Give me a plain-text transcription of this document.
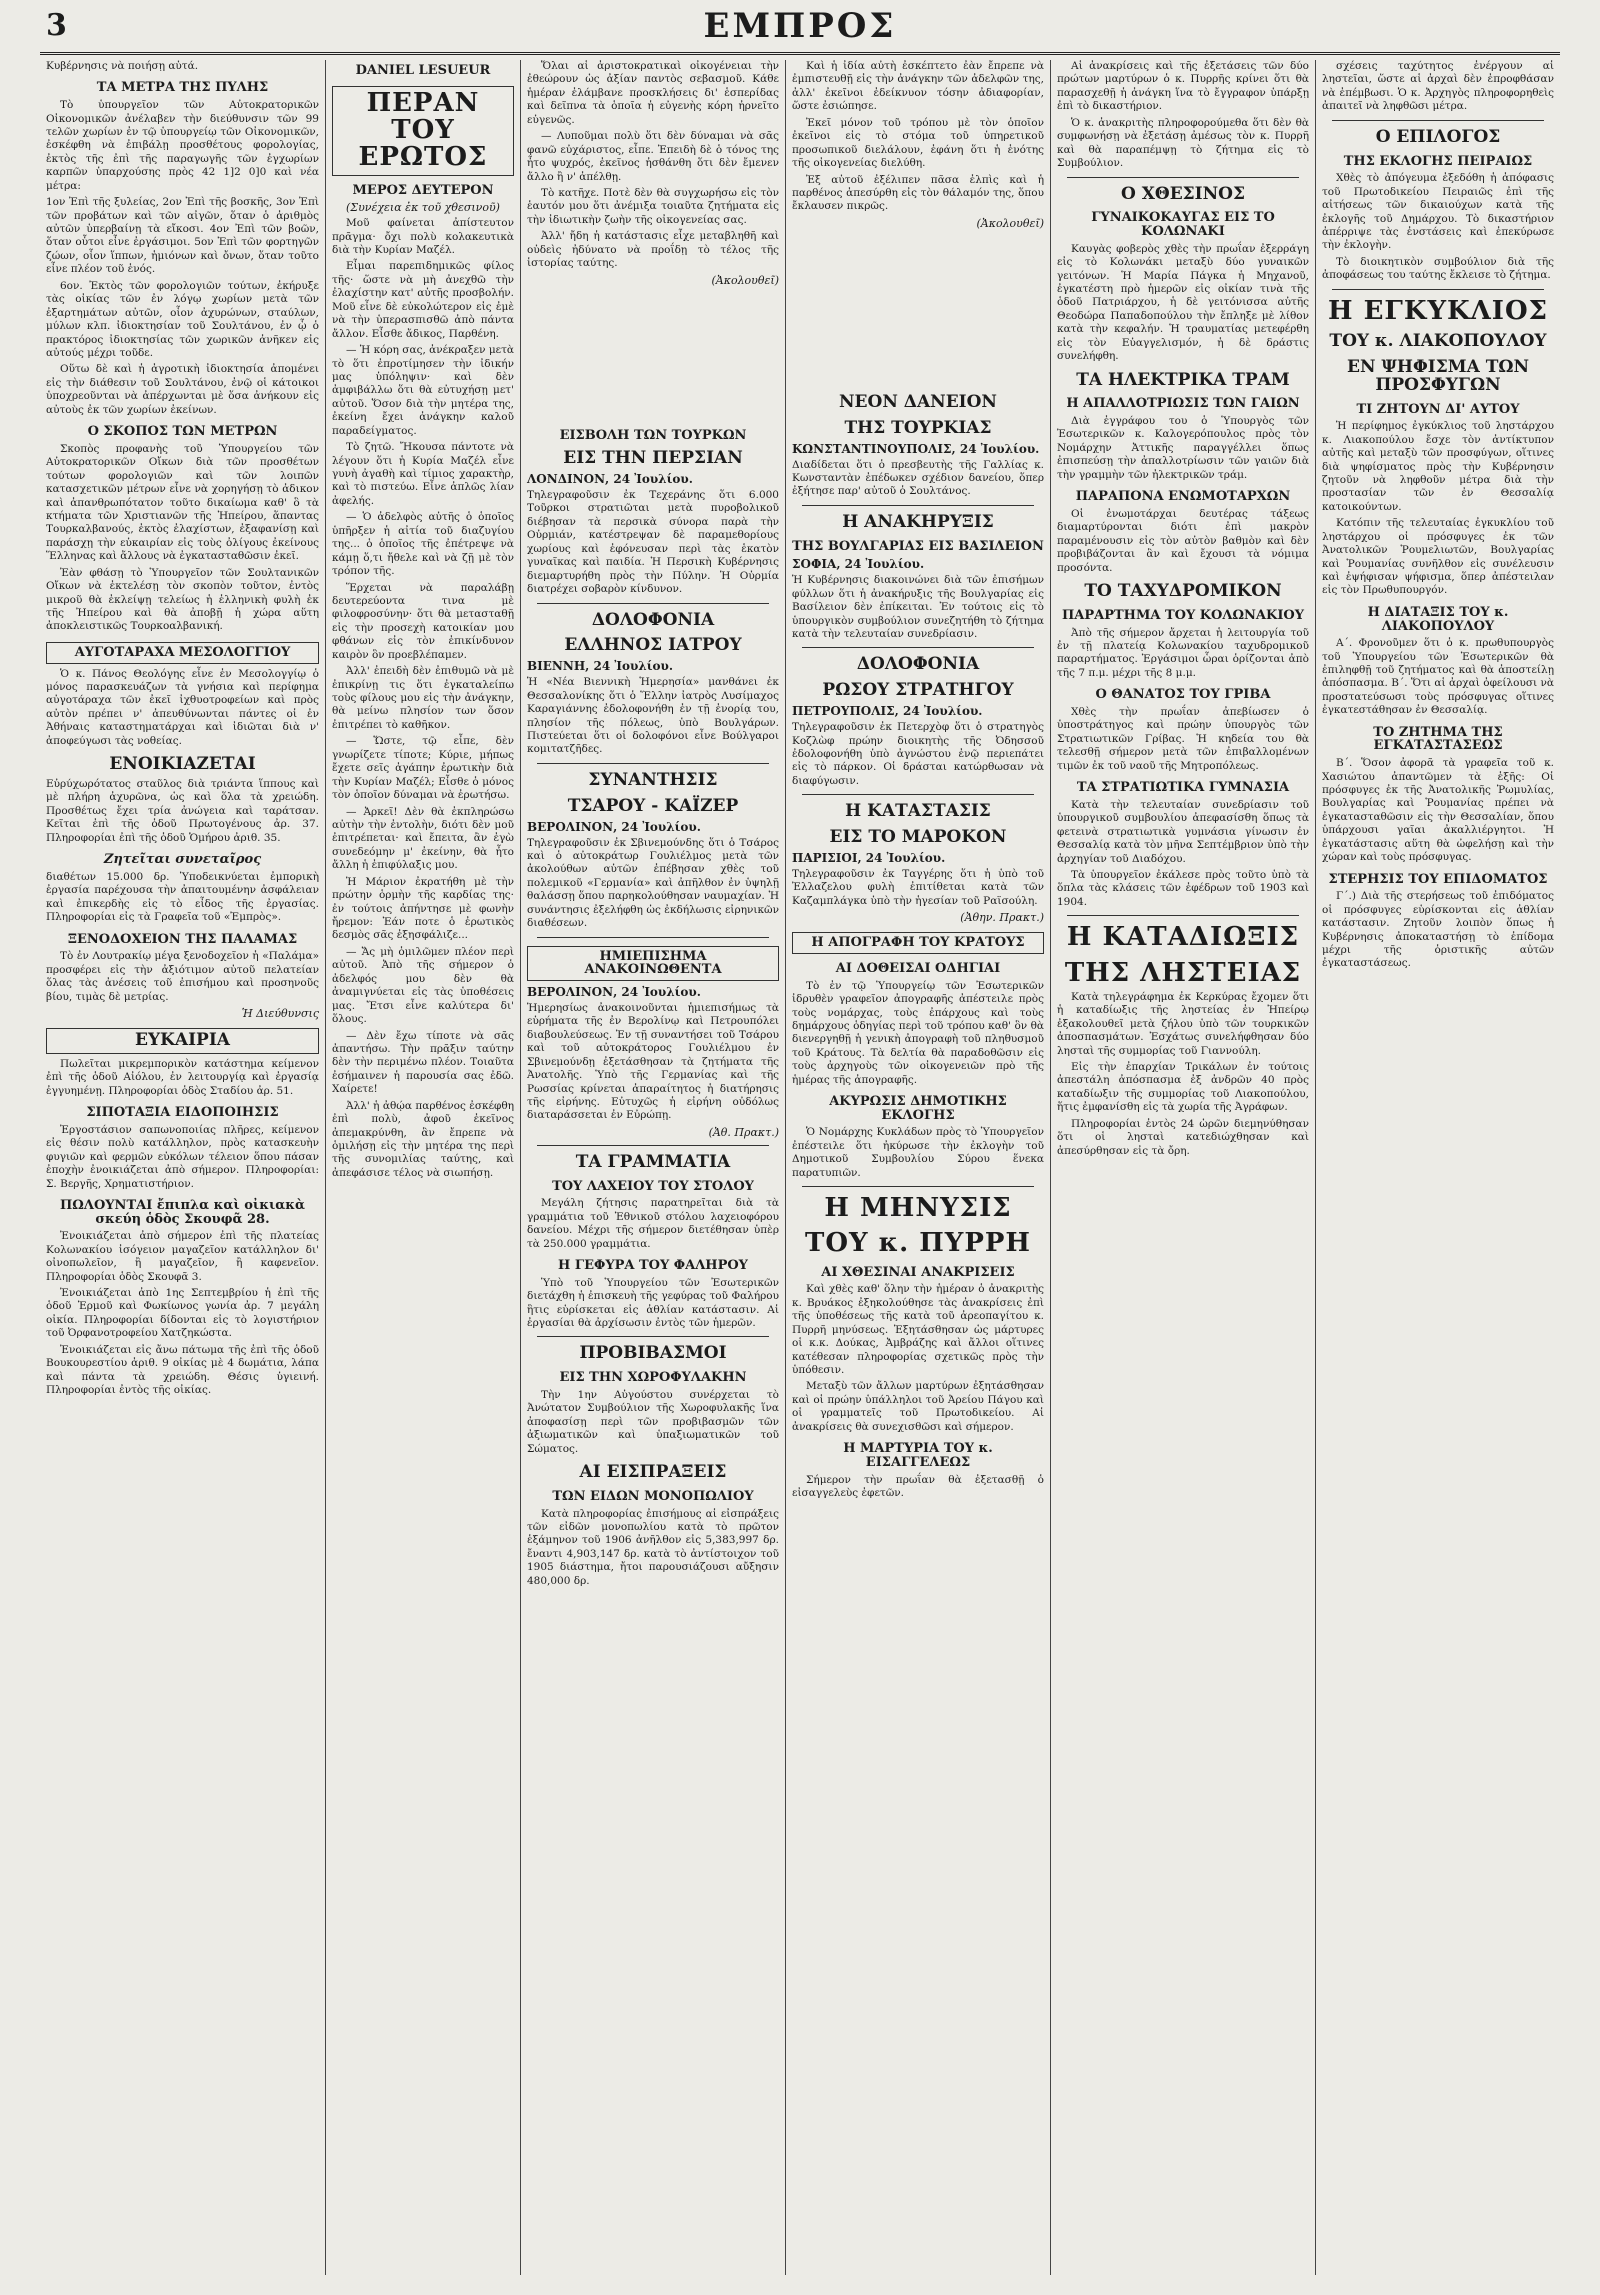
3	ΕΜΠΡΟΣ
Κυβέρνησις νὰ ποιήσῃ αὐτά.
ΤΑ ΜΕΤΡΑ ΤΗΣ ΠΥΛΗΣ
Τὸ ὑπουργεῖον τῶν Αὐτοκρατορικῶν Οἰκονομικῶν ἀνέλαβεν τὴν διεύθυνσιν τῶν 99 τελῶν χωρίων ἐν τῷ ὑπουργείῳ τῶν Οἰκονομικῶν, ἐσκέφθη νὰ ἐπιβάλῃ προσθέτους φορολογίας, ἐκτὸς τῆς ἐπὶ τῆς παραγωγῆς τῶν ἐγχωρίων καρπῶν ὑπαρχούσης πρὸς 42 1]2 0]0 καὶ νέα μέτρα:
1ον Ἐπὶ τῆς ξυλείας, 2ον Ἐπὶ τῆς βοσκῆς, 3ον Ἐπὶ τῶν προβάτων καὶ τῶν αἰγῶν, ὅταν ὁ ἀριθμὸς αὐτῶν ὑπερβαίνῃ τὰ εἴκοσι. 4ον Ἐπὶ τῶν βοῶν, ὅταν οὗτοι εἶνε ἐργάσιμοι. 5ον Ἐπὶ τῶν φορτηγῶν ζώων, οἷον ἵππων, ἡμιόνων καὶ ὄνων, ὅταν τοῦτο εἶνε πλέον τοῦ ἑνός.
6ον. Ἐκτὸς τῶν φορολογιῶν τούτων, ἐκήρυξε τὰς οἰκίας τῶν ἐν λόγῳ χωρίων μετὰ τῶν ἐξαρτημάτων αὐτῶν, οἷον ἀχυρώνων, σταύλων, μύλων κλπ. ἰδιοκτησίαν τοῦ Σουλτάνου, ἐν ᾧ ὁ πρακτόρος ἰδιοκτησίας τῶν χωρικῶν ἀνῆκεν εἰς αὐτούς μέχρι τοῦδε.
Οὕτω δὲ καὶ ἡ ἀγροτικὴ ἰδιοκτησία ἀπομένει εἰς τὴν διάθεσιν τοῦ Σουλτάνου, ἐνῷ οἱ κάτοικοι ὑποχρεοῦνται νὰ ἀπέρχωνται μὲ ὅσα ἀνήκουν εἰς αὐτοὺς ἐκ τῶν χωρίων ἐκείνων.
Ο ΣΚΟΠΟΣ ΤΩΝ ΜΕΤΡΩΝ
Σκοπὸς προφανὴς τοῦ Ὑπουργείου τῶν Αὐτοκρατορικῶν Οἴκων διὰ τῶν προσθέτων τούτων φορολογιῶν καὶ τῶν λοιπῶν κατασχετικῶν μέτρων εἶνε νὰ χορηγήσῃ τὸ ἀδικον καὶ ἀπανθρωπότατον τοῦτο δικαίωμα καθ' ὃ τὰ κτήματα τῶν Χριστιανῶν τῆς Ἠπείρου, ἅπαντας Τουρκαλβανούς, ἐκτὸς ἐλαχίστων, ἐξαφανίσῃ καὶ παράσχῃ τὴν εὐκαιρίαν εἰς τοὺς ὀλίγους ἐκείνους Ἕλληνας καὶ ἄλλους νὰ ἐγκατασταθῶσιν ἐκεῖ.
Ἐὰν φθάσῃ τὸ Ὑπουργεῖον τῶν Σουλτανικῶν Οἴκων νὰ ἐκτελέσῃ τὸν σκοπὸν τοῦτον, ἐντὸς μικροῦ θὰ ἐκλείψῃ τελείως ἡ ἑλληνικὴ φυλὴ ἐκ τῆς Ἠπείρου καὶ θὰ ἀποβῇ ἡ χώρα αὕτη ἀποκλειστικῶς Τουρκοαλβανική.
ΑΥΓΟΤΑΡΑΧΑ ΜΕΣΟΛΟΓΓΙΟΥ
Ὁ κ. Πάνος Θεολόγης εἶνε ἐν Μεσολογγίῳ ὁ μόνος παρασκευάζων τὰ γνήσια καὶ περίφημα αὐγοτάραχα τῶν ἐκεῖ ἰχθυοτροφείων καὶ πρὸς αὐτὸν πρέπει ν' ἀπευθύνωνται πάντες οἱ ἐν Ἀθήναις καταστηματάρχαι καὶ ἰδιῶται διὰ ν' ἀποφεύγωσι τὰς νοθείας.
ΕΝΟΙΚΙΑΖΕΤΑΙ
Εὐρύχωρότατος σταῦλος διὰ τριάντα ἵππους καὶ μὲ πλήρη ἀχυρῶνα, ὡς καὶ ὅλα τὰ χρειώδη. Προσθέτως ἔχει τρία ἀνώγεια καὶ ταράτσαν. Κεῖται ἐπὶ τῆς ὁδοῦ Πρωτογένους ἀρ. 37. Πληροφορίαι ἐπὶ τῆς ὁδοῦ Ὁμήρου ἀριθ. 35.
Ζητεῖται συνεταῖρος
διαθέτων 15.000 δρ. Ὑποδεικνύεται ἐμπορικὴ ἐργασία παρέχουσα τὴν ἀπαιτουμένην ἀσφάλειαν καὶ ἐπικερδὴς εἰς τὸ εἶδος τῆς ἐργασίας. Πληροφορίαι εἰς τὰ Γραφεῖα τοῦ «Ἐμπρὸς».
ΞΕΝΟΔΟΧΕΙΟΝ ΤΗΣ ΠΑΛΑΜΑΣ
Τὸ ἐν Λουτρακίῳ μέγα ξενοδοχεῖον ἡ «Παλάμα» προσφέρει εἰς τὴν ἀξιότιμον αὐτοῦ πελατείαν ὅλας τὰς ἀνέσεις τοῦ ἐπισήμου καὶ προσηνοῦς βίου, τιμὰς δὲ μετρίας.
Ἡ Διεύθυνσις
ΕΥΚΑΙΡΙΑ
Πωλεῖται μικρεμπορικὸν κατάστημα κείμενον ἐπὶ τῆς ὁδοῦ Αἰόλου, ἐν λειτουργίᾳ καὶ ἐργασίᾳ ἐγγυημένῃ. Πληροφορίαι ὁδὸς Σταδίου ἀρ. 51.
ΣΙΠΟΤΑΞΙΑ ΕΙΔΟΠΟΙΗΣΙΣ
Ἐργοστάσιον σαπωνοποιίας πλῆρες, κείμενον εἰς θέσιν πολὺ κατάλληλον, πρὸς κατασκευὴν φυγιῶν καὶ φερμῶν εὐκόλων τέλειον ὅπου πάσαν ἐποχὴν ἐνοικιάζεται ἀπὸ σήμερον. Πληροφορίαι: Σ. Βεργῆς, Χρηματιστήριον.
ΠΩΛΟΥΝΤΑΙ ἔπιπλα καὶ οἰκιακὰ σκεύη ὁδὸς Σκουφᾶ 28.
Ἐνοικιάζεται ἀπὸ σήμερον ἐπὶ τῆς πλατείας Κολωνακίου ἰσόγειον μαγαζεῖον κατάλληλον δι' οἰνοπωλεῖον, ἢ μαγαζεῖον, ἢ καφενεῖον. Πληροφορίαι ὁδὸς Σκουφᾶ 3.
Ἐνοικιάζεται ἀπὸ 1ης Σεπτεμβρίου ἡ ἐπὶ τῆς ὁδοῦ Ἑρμοῦ καὶ Φωκίωνος γωνία ἀρ. 7 μεγάλη οἰκία. Πληροφορίαι δίδονται εἰς τὸ λογιστήριον τοῦ Ὀρφανοτροφείου Χατζηκώστα.
Ἐνοικιάζεται εἰς ἄνω πάτωμα τῆς ἐπὶ τῆς ὁδοῦ Βουκουρεστίου ἀριθ. 9 οἰκίας μὲ 4 δωμάτια, λάπα καὶ πάντα τὰ χρειώδη. Θέσις ὑγιεινή. Πληροφορίαι ἐντὸς τῆς οἰκίας.
DANIEL LESUEUR
ΠΕΡΑΝ ΤΟΥ ΕΡΩΤΟΣ
ΜΕΡΟΣ ΔΕΥΤΕΡΟΝ
(Συνέχεια ἐκ τοῦ χθεσινοῦ)
Μοῦ φαίνεται ἀπίστευτον πρᾶγμα· ὄχι πολὺ κολακευτικὰ διὰ τὴν Κυρίαν Μαζέλ.
Εἶμαι παρεπιδημικῶς φίλος τῆς· ὥστε νὰ μὴ ἀνεχθῶ τὴν ἐλαχίστην κατ' αὐτῆς προσβολήν. Μοῦ εἶνε δὲ εὐκολώτερον εἰς ἐμὲ νὰ τὴν ὑπερασπισθῶ ἀπὸ πάντα ἄλλον. Εἶσθε ἄδικος, Παρθένη.
— Ἡ κόρη σας, ἀνέκραξεν μετὰ τὸ ὅτι ἐπροτίμησεν τὴν ἰδικήν μας ὑπόληψιν· καὶ δὲν ἀμφιβάλλω ὅτι θὰ εὐτυχήσῃ μετ' αὐτοῦ. Ὅσον διὰ τὴν μητέρα της, ἐκείνη ἔχει ἀνάγκην καλοῦ παραδείγματος.
Τὸ ζητῶ. Ἤκουσα πάντοτε νὰ λέγουν ὅτι ἡ Κυρία Μαζέλ εἶνε γυνὴ ἀγαθὴ καὶ τίμιος χαρακτὴρ, καὶ τὸ πιστεύω. Εἶνε ἀπλῶς λίαν ἀφελής.
— Ὁ ἀδελφὸς αὐτῆς ὁ ὁποῖος ὑπῆρξεν ἡ αἰτία τοῦ διαζυγίου της... ὁ ὁποῖος τῆς ἐπέτρεψε νὰ κάμῃ ὅ,τι ἤθελε καὶ νὰ ζῇ μὲ τὸν τρόπον τῆς.
Ἕρχεται νὰ παραλάβῃ δευτερεύοντα τινα μὲ φιλοφροσύνην· ὅτι θὰ μετασταθῇ εἰς τὴν προσεχὴ κατοικίαν μου φθάνων εἰς τὸν ἐπικίνδυνον καιρὸν ὃν προεβλέπαμεν.
Ἀλλ' ἐπειδὴ δὲν ἐπιθυμῶ νὰ μὲ ἐπικρίνῃ τις ὅτι ἐγκαταλείπω τοὺς φίλους μου εἰς τὴν ἀνάγκην, θὰ μείνω πλησίον των ὅσον ἐπιτρέπει τὸ καθῆκον.
— Ὥστε, τῷ εἶπε, δὲν γνωρίζετε τίποτε; Κύριε, μήπως ἔχετε σεῖς ἀγάπην ἐρωτικὴν διὰ τὴν Κυρίαν Μαζέλ; Εἶσθε ὁ μόνος τὸν ὁποῖον δύναμαι νὰ ἐρωτήσω.
— Ἀρκεῖ! Δὲν θὰ ἐκπληρώσω αὐτὴν τὴν ἐντολὴν, διότι δὲν μοῦ ἐπιτρέπεται· καὶ ἔπειτα, ἂν ἐγὼ συνεδεόμην μ' ἐκείνην, θὰ ἦτο ἄλλη ἡ ἐπιφύλαξις μου.
Ἡ Μάριον ἐκρατήθη μὲ τὴν πρώτην ὁρμὴν τῆς καρδίας της· ἐν τούτοις ἀπήντησε μὲ φωνὴν ἤρεμον: Ἐάν ποτε ὁ ἐρωτικὸς δεσμὸς σᾶς ἐξησφάλιζε...
— Ἄς μὴ ὁμιλῶμεν πλέον περὶ αὐτοῦ. Ἀπὸ τῆς σήμερον ὁ ἀδελφός μου δὲν θὰ ἀναμιγνύεται εἰς τὰς ὑποθέσεις μας. Ἔτσι εἶνε καλύτερα δι' ὅλους.
— Δὲν ἔχω τίποτε νὰ σᾶς ἀπαντήσω. Τὴν πρᾶξιν ταύτην δὲν τὴν περιμένω πλέον. Τοιαῦτα ἐσήμαινεν ἡ παρουσία σας ἐδῶ. Χαίρετε!
Ἀλλ' ἡ ἀθῴα παρθένος ἐσκέφθη ἐπὶ πολὺ, ἀφοῦ ἐκεῖνος ἀπεμακρύνθη, ἂν ἔπρεπε νὰ ὁμιλήσῃ εἰς τὴν μητέρα της περὶ τῆς συνομιλίας ταύτης, καὶ ἀπεφάσισε τέλος νὰ σιωπήσῃ.
Ὅλαι αἱ ἀριστοκρατικαὶ οἰκογένειαι τὴν ἐθεώρουν ὡς ἀξίαν παντὸς σεβασμοῦ. Κάθε ἡμέραν ἐλάμβανε προσκλήσεις δι' ἑσπερίδας καὶ δεῖπνα τὰ ὁποῖα ἡ εὐγενὴς κόρη ἠρνεῖτο εὐγενῶς.
— Λυποῦμαι πολὺ ὅτι δὲν δύναμαι νὰ σᾶς φανῶ εὐχάριστος, εἶπε. Ἐπειδὴ δὲ ὁ τόνος της ἦτο ψυχρός, ἐκεῖνος ἠσθάνθη ὅτι δὲν ἔμενεν ἄλλο ἢ ν' ἀπέλθῃ.
Τὸ κατῆχε. Ποτὲ δὲν θὰ συγχωρήσω εἰς τὸν ἑαυτόν μου ὅτι ἀνέμιξα τοιαῦτα ζητήματα εἰς τὴν ἰδιωτικὴν ζωὴν τῆς οἰκογενείας σας.
Ἀλλ' ἤδη ἡ κατάστασις εἶχε μεταβληθῆ καὶ οὐδεὶς ἠδύνατο νὰ προΐδῃ τὸ τέλος τῆς ἱστορίας ταύτης.
(Ἀκολουθεῖ)
ΕΙΣΒΟΛΗ ΤΩΝ ΤΟΥΡΚΩΝ
ΕΙΣ ΤΗΝ ΠΕΡΣΙΑΝ
ΛΟΝΔΙΝΟΝ, 24 Ἰουλίου.
Τηλεγραφοῦσιν ἐκ Τεχεράνης ὅτι 6.000 Τοῦρκοι στρατιῶται μετὰ πυροβολικοῦ διέβησαν τὰ περσικὰ σύνορα παρὰ τὴν Οὐρμιάν, κατέστρεψαν δὲ παραμεθορίους χωρίους καὶ ἐφόνευσαν περὶ τὰς ἑκατὸν γυναῖκας καὶ παιδία. Ἡ Περσικὴ Κυβέρνησις διεμαρτυρήθη πρὸς τὴν Πύλην. Ἡ Οὐρμία διατρέχει σοβαρὸν κίνδυνον.
ΔΟΛΟΦΟΝΙΑ
ΕΛΛΗΝΟΣ ΙΑΤΡΟΥ
ΒΙΕΝΝΗ, 24 Ἰουλίου.
Ἡ «Νέα Βιεννικὴ Ἡμερησία» μανθάνει ἐκ Θεσσαλονίκης ὅτι ὁ Ἕλλην ἰατρὸς Λυσίμαχος Καραγιάννης ἐδολοφονήθη ἐν τῇ ἐνορίᾳ του, πλησίον τῆς πόλεως, ὑπὸ Βουλγάρων. Πιστεύεται ὅτι οἱ δολοφόνοι εἶνε Βούλγαροι κομιτατζῆδες.
ΣΥΝΑΝΤΗΣΙΣ
ΤΣΑΡΟΥ - ΚΑΪΖΕΡ
ΒΕΡΟΛΙΝΟΝ, 24 Ἰουλίου.
Τηλεγραφοῦσιν ἐκ Σβινεμούνδης ὅτι ὁ Τσάρος καὶ ὁ αὐτοκράτωρ Γουλιέλμος μετὰ τῶν ἀκολούθων αὐτῶν ἐπέβησαν χθὲς τοῦ πολεμικοῦ «Γερμανία» καὶ ἀπῆλθον ἐν ὑψηλῇ θαλάσσῃ ὅπου παρηκολούθησαν ναυμαχίαν. Ἡ συνάντησις ἐξελήφθη ὡς ἐκδήλωσις εἰρηνικῶν διαθέσεων.
ΗΜΙΕΠΙΣΗΜΑ ΑΝΑΚΟΙΝΩΘΕΝΤΑ
ΒΕΡΟΛΙΝΟΝ, 24 Ἰουλίου.
Ἡμερησίως ἀνακοινοῦνται ἡμιεπισήμως τὰ εὑρήματα τῆς ἐν Βερολίνῳ καὶ Πετρουπόλει διαβουλεύσεως. Ἐν τῇ συναντήσει τοῦ Τσάρου καὶ τοῦ αὐτοκράτορος Γουλιέλμου ἐν Σβινεμούνδῃ ἐξετάσθησαν τὰ ζητήματα τῆς Ἀνατολῆς. Ὑπὸ τῆς Γερμανίας καὶ τῆς Ρωσσίας κρίνεται ἀπαραίτητος ἡ διατήρησις τῆς εἰρήνης. Εὐτυχῶς ἡ εἰρήνη οὐδόλως διαταράσσεται ἐν Εὐρώπῃ.
(Ἀθ. Πρακτ.)
ΤΑ ΓΡΑΜΜΑΤΙΑ
ΤΟΥ ΛΑΧΕΙΟΥ ΤΟΥ ΣΤΟΛΟΥ
Μεγάλη ζήτησις παρατηρεῖται διὰ τὰ γραμμάτια τοῦ Ἐθνικοῦ στόλου λαχειοφόρου δανείου. Μέχρι τῆς σήμερον διετέθησαν ὑπὲρ τὰ 250.000 γραμμάτια.
Η ΓΕΦΥΡΑ ΤΟΥ ΦΑΛΗΡΟΥ
Ὑπὸ τοῦ Ὑπουργείου τῶν Ἐσωτερικῶν διετάχθη ἡ ἐπισκευὴ τῆς γεφύρας τοῦ Φαλήρου ἣτις εὑρίσκεται εἰς ἀθλίαν κατάστασιν. Αἱ ἐργασίαι θὰ ἀρχίσωσιν ἐντὸς τῶν ἡμερῶν.
ΠΡΟΒΙΒΑΣΜΟΙ
ΕΙΣ ΤΗΝ ΧΩΡΟΦΥΛΑΚΗΝ
Τὴν 1ην Αὐγούστου συνέρχεται τὸ Ἀνώτατον Συμβούλιον τῆς Χωροφυλακῆς ἵνα ἀποφασίσῃ περὶ τῶν προβιβασμῶν τῶν ἀξιωματικῶν καὶ ὑπαξιωματικῶν τοῦ Σώματος.
ΑΙ ΕΙΣΠΡΑΞΕΙΣ
ΤΩΝ ΕΙΔΩΝ ΜΟΝΟΠΩΛΙΟΥ
Κατὰ πληροφορίας ἐπισήμους αἱ εἰσπράξεις τῶν εἰδῶν μονοπωλίου κατὰ τὸ πρῶτον ἑξάμηνον τοῦ 1906 ἀνῆλθον εἰς 5,383,997 δρ. ἔναντι 4,903,147 δρ. κατὰ τὸ ἀντίστοιχον τοῦ 1905 διάστημα, ἤτοι παρουσιάζουσι αὔξησιν 480,000 δρ.
Καὶ ἡ ἰδία αὐτὴ ἐσκέπτετο ἐὰν ἔπρεπε νὰ ἐμπιστευθῇ εἰς τὴν ἀνάγκην τῶν ἀδελφῶν της, ἀλλ' ἐκεῖνοι ἐδείκνυον τόσην ἀδιαφορίαν, ὥστε ἐσιώπησε.
Ἐκεῖ μόνον τοῦ τρόπου μὲ τὸν ὁποῖον ἐκεῖνοι εἰς τὸ στόμα τοῦ ὑπηρετικοῦ προσωπικοῦ διελάλουν, ἐφάνη ὅτι ἡ ἑνότης τῆς οἰκογενείας διελύθη.
Ἐξ αὐτοῦ ἐξέλιπεν πᾶσα ἐλπὶς καὶ ἡ παρθένος ἀπεσύρθη εἰς τὸν θάλαμόν της, ὅπου ἔκλαυσεν πικρῶς.
(Ἀκολουθεῖ)
ΝΕΟΝ ΔΑΝΕΙΟΝ
ΤΗΣ ΤΟΥΡΚΙΑΣ
ΚΩΝΣΤΑΝΤΙΝΟΥΠΟΛΙΣ, 24 Ἰουλίου.
Διαδίδεται ὅτι ὁ πρεσβευτὴς τῆς Γαλλίας κ. Κωνσταντὰν ἐπέδωκεν σχέδιον δανείου, ὅπερ ἐξήτησε παρ' αὐτοῦ ὁ Σουλτάνος.
Η ΑΝΑΚΗΡΥΞΙΣ
ΤΗΣ ΒΟΥΛΓΑΡΙΑΣ ΕΙΣ ΒΑΣΙΛΕΙΟΝ
ΣΟΦΙΑ, 24 Ἰουλίου.
Ἡ Κυβέρνησις διακοινώνει διὰ τῶν ἐπισήμων φύλλων ὅτι ἡ ἀνακήρυξις τῆς Βουλγαρίας εἰς Βασίλειον δὲν ἐπίκειται. Ἐν τούτοις εἰς τὸ ὑπουργικὸν συμβούλιον συνεζητήθη τὸ ζήτημα κατὰ τὴν τελευταίαν συνεδρίασιν.
ΔΟΛΟΦΟΝΙΑ
ΡΩΣΟΥ ΣΤΡΑΤΗΓΟΥ
ΠΕΤΡΟΥΠΟΛΙΣ, 24 Ἰουλίου.
Τηλεγραφοῦσιν ἐκ Πετερχὸφ ὅτι ὁ στρατηγὸς Κοζλὼφ πρώην διοικητὴς τῆς Ὀδησσοῦ ἐδολοφονήθη ὑπὸ ἀγνώστου ἐνῷ περιεπάτει εἰς τὸ πάρκον. Οἱ δράσται κατώρθωσαν νὰ διαφύγωσιν.
Η ΚΑΤΑΣΤΑΣΙΣ
ΕΙΣ ΤΟ ΜΑΡΟΚΟΝ
ΠΑΡΙΣΙΟΙ, 24 Ἰουλίου.
Τηλεγραφοῦσιν ἐκ Ταγγέρης ὅτι ἡ ὑπὸ τοῦ Ἐλλαζελου φυλὴ ἐπιτίθεται κατὰ τῶν Καζαμπλάγκα ὑπὸ τὴν ἡγεσίαν τοῦ Ραϊσούλη.
(Ἀθην. Πρακτ.)
Η ΑΠΟΓΡΑΦΗ ΤΟΥ ΚΡΑΤΟΥΣ
ΑΙ ΔΟΘΕΙΣΑΙ ΟΔΗΓΙΑΙ
Τὸ ἐν τῷ Ὑπουργείῳ τῶν Ἐσωτερικῶν ἰδρυθὲν γραφεῖον ἀπογραφῆς ἀπέστειλε πρὸς τοὺς νομάρχας, τοὺς ἐπάρχους καὶ τοὺς δημάρχους ὁδηγίας περὶ τοῦ τρόπου καθ' ὃν θὰ διενεργηθῇ ἡ γενικὴ ἀπογραφὴ τοῦ πληθυσμοῦ τοῦ Κράτους. Τὰ δελτία θὰ παραδοθῶσιν εἰς τοὺς ἀρχηγοὺς τῶν οἰκογενειῶν πρὸ τῆς ἡμέρας τῆς ἀπογραφῆς.
ΑΚΥΡΩΣΙΣ ΔΗΜΟΤΙΚΗΣ ΕΚΛΟΓΗΣ
Ὁ Νομάρχης Κυκλάδων πρὸς τὸ Ὑπουργεῖον ἐπέστειλε ὅτι ἠκύρωσε τὴν ἐκλογὴν τοῦ Δημοτικοῦ Συμβουλίου Σύρου ἕνεκα παρατυπιῶν.
Η ΜΗΝΥΣΙΣ
ΤΟΥ κ. ΠΥΡΡΗ
ΑΙ ΧΘΕΣΙΝΑΙ ΑΝΑΚΡΙΣΕΙΣ
Καὶ χθὲς καθ' ὅλην τὴν ἡμέραν ὁ ἀνακριτὴς κ. Βρυάκος ἐξηκολούθησε τὰς ἀνακρίσεις ἐπὶ τῆς ὑποθέσεως τῆς κατὰ τοῦ ἀρεοπαγίτου κ. Πυρρῆ μηνύσεως. Ἐξητάσθησαν ὡς μάρτυρες οἱ κ.κ. Δούκας, Ἀμβράζης καὶ ἄλλοι οἵτινες κατέθεσαν πληροφορίας σχετικῶς πρὸς τὴν ὑπόθεσιν.
Μεταξὺ τῶν ἄλλων μαρτύρων ἐξητάσθησαν καὶ οἱ πρώην ὑπάλληλοι τοῦ Ἀρείου Πάγου καὶ οἱ γραμματεῖς τοῦ Πρωτοδικείου. Αἱ ἀνακρίσεις θὰ συνεχισθῶσι καὶ σήμερον.
Η ΜΑΡΤΥΡΙΑ ΤΟΥ κ. ΕΙΣΑΓΓΕΛΕΩΣ
Σήμερον τὴν πρωΐαν θὰ ἐξετασθῇ ὁ εἰσαγγελεὺς ἐφετῶν.
Αἱ ἀνακρίσεις καὶ τῆς ἐξετάσεις τῶν δύο πρώτων μαρτύρων ὁ κ. Πυρρῆς κρίνει ὅτι θὰ παρασχεθῇ ἡ ἀνάγκη ἵνα τὸ ἔγγραφον ὑπάρξῃ ἐπὶ τὸ δικαστήριον.
Ὁ κ. ἀνακριτὴς πληροφορούμεθα ὅτι δὲν θὰ συμφωνήσῃ νὰ ἐξετάσῃ ἀμέσως τὸν κ. Πυρρῆ καὶ θὰ παραπέμψῃ τὸ ζήτημα εἰς τὸ Συμβούλιον.
Ο ΧΘΕΣΙΝΟΣ
ΓΥΝΑΙΚΟΚΑΥΓΑΣ ΕΙΣ ΤΟ ΚΟΛΩΝΑΚΙ
Καυγὰς φοβερὸς χθὲς τὴν πρωΐαν ἐξερράγη εἰς τὸ Κολωνάκι μεταξὺ δύο γυναικῶν γειτόνων. Ἡ Μαρία Πάγκα ἡ Μηχανοῦ, ἐγκατέστη πρὸ ἡμερῶν εἰς οἰκίαν τινὰ τῆς ὁδοῦ Πατριάρχου, ἡ δὲ γειτόνισσα αὐτῆς Θεοδώρα Παπαδοπούλου τὴν ἔπληξε μὲ λίθον κατὰ τὴν κεφαλήν. Ἡ τραυματίας μετεφέρθη εἰς τὸν Εὐαγγελισμόν, ἡ δὲ δράστις συνελήφθη.
ΤΑ ΗΛΕΚΤΡΙΚΑ ΤΡΑΜ
Η ΑΠΑΛΛΟΤΡΙΩΣΙΣ ΤΩΝ ΓΑΙΩΝ
Διὰ ἐγγράφου του ὁ Ὑπουργὸς τῶν Ἐσωτερικῶν κ. Καλογερόπουλος πρὸς τὸν Νομάρχην Ἀττικῆς παραγγέλλει ὅπως ἐπισπεύσῃ τὴν ἀπαλλοτρίωσιν τῶν γαιῶν διὰ τὴν γραμμὴν τῶν ἠλεκτρικῶν τράμ.
ΠΑΡΑΠΟΝΑ ΕΝΩΜΟΤΑΡΧΩΝ
Οἱ ἐνωμοτάρχαι δευτέρας τάξεως διαμαρτύρονται διότι ἐπὶ μακρὸν παραμένουσιν εἰς τὸν αὐτὸν βαθμὸν καὶ δὲν προβιβάζονται ἂν καὶ ἔχουσι τὰ νόμιμα προσόντα.
ΤΟ ΤΑΧΥΔΡΟΜΙΚΟΝ
ΠΑΡΑΡΤΗΜΑ ΤΟΥ ΚΟΛΩΝΑΚΙΟΥ
Ἀπὸ τῆς σήμερον ἄρχεται ἡ λειτουργία τοῦ ἐν τῇ πλατείᾳ Κολωνακίου ταχυδρομικοῦ παραρτήματος. Ἐργάσιμοι ὧραι ὁρίζονται ἀπὸ τῆς 7 π.μ. μέχρι τῆς 8 μ.μ.
Ο ΘΑΝΑΤΟΣ ΤΟΥ ΓΡΙΒΑ
Χθὲς τὴν πρωΐαν ἀπεβίωσεν ὁ ὑποστράτηγος καὶ πρώην ὑπουργὸς τῶν Στρατιωτικῶν Γρίβας. Ἡ κηδεία του θὰ τελεσθῇ σήμερον μετὰ τῶν ἐπιβαλλομένων τιμῶν ἐκ τοῦ ναοῦ τῆς Μητροπόλεως.
ΤΑ ΣΤΡΑΤΙΩΤΙΚΑ ΓΥΜΝΑΣΙΑ
Κατὰ τὴν τελευταίαν συνεδρίασιν τοῦ ὑπουργικοῦ συμβουλίου ἀπεφασίσθη ὅπως τὰ φετεινὰ στρατιωτικὰ γυμνάσια γίνωσιν ἐν Θεσσαλίᾳ κατὰ τὸν μῆνα Σεπτέμβριον ὑπὸ τὴν ἀρχηγίαν τοῦ Διαδόχου.
Τὰ ὑπουργεῖον ἐκάλεσε πρὸς τοῦτο ὑπὸ τὰ ὅπλα τὰς κλάσεις τῶν ἐφέδρων τοῦ 1903 καὶ 1904.
Η ΚΑΤΑΔΙΩΞΙΣ
ΤΗΣ ΛΗΣΤΕΙΑΣ
Κατὰ τηλεγράφημα ἐκ Κερκύρας ἔχομεν ὅτι ἡ καταδίωξις τῆς ληστείας ἐν Ἠπείρῳ ἐξακολουθεῖ μετὰ ζήλου ὑπὸ τῶν τουρκικῶν ἀποσπασμάτων. Ἐσχάτως συνελήφθησαν δύο λησταὶ τῆς συμμορίας τοῦ Γιαννούλη.
Εἰς τὴν ἐπαρχίαν Τρικάλων ἐν τούτοις ἀπεστάλη ἀπόσπασμα ἐξ ἀνδρῶν 40 πρὸς καταδίωξιν τῆς συμμορίας τοῦ Λιακοπούλου, ἥτις ἐμφανίσθη εἰς τὰ χωρία τῆς Ἀγράφων.
Πληροφορίαι ἐντὸς 24 ὡρῶν διεμηνύθησαν ὅτι οἱ λησταὶ κατεδιώχθησαν καὶ ἀπεσύρθησαν εἰς τὰ ὄρη.
σχέσεις ταχύτητος ἐνέργουν αἱ ληστεῖαι, ὥστε αἱ ἀρχαὶ δὲν ἐπροφθάσαν νὰ ἐπέμβωσι. Ὁ κ. Ἀρχηγὸς πληροφορηθεὶς ἀπαιτεῖ νὰ ληφθῶσι μέτρα.
Ο ΕΠΙΛΟΓΟΣ
ΤΗΣ ΕΚΛΟΓΗΣ ΠΕΙΡΑΙΩΣ
Χθὲς τὸ ἀπόγευμα ἐξεδόθη ἡ ἀπόφασις τοῦ Πρωτοδικείου Πειραιῶς ἐπὶ τῆς αἰτήσεως τῶν δικαιούχων κατὰ τῆς ἐκλογῆς τοῦ Δημάρχου. Τὸ δικαστήριον ἀπέρριψε τὰς ἐνστάσεις καὶ ἐπεκύρωσε τὴν ἐκλογὴν.
Τὸ διοικητικὸν συμβούλιον διὰ τῆς ἀποφάσεως του ταύτης ἔκλεισε τὸ ζήτημα.
Η ΕΓΚΥΚΛΙΟΣ
ΤΟΥ κ. ΛΙΑΚΟΠΟΥΛΟΥ
ΕΝ ΨΗΦΙΣΜΑ ΤΩΝ ΠΡΟΣΦΥΓΩΝ
ΤΙ ΖΗΤΟΥΝ ΔΙ' ΑΥΤΟΥ
Ἡ περίφημος ἐγκύκλιος τοῦ ληστάρχου κ. Λιακοπούλου ἔσχε τὸν ἀντίκτυπον αὐτῆς καὶ μεταξὺ τῶν προσφύγων, οἵτινες διὰ ψηφίσματος πρὸς τὴν Κυβέρνησιν ζητοῦν νὰ ληφθοῦν μέτρα διὰ τὴν προστασίαν τῶν ἐν Θεσσαλίᾳ κατοικούντων.
Κατόπιν τῆς τελευταίας ἐγκυκλίου τοῦ ληστάρχου οἱ πρόσφυγες ἐκ τῶν Ἀνατολικῶν Ῥουμελιωτῶν, Βουλγαρίας καὶ Ῥουμανίας συνῆλθον εἰς συνέλευσιν καὶ ἐψήφισαν ψήφισμα, ὅπερ ἀπέστειλαν εἰς τὸν Πρωθυπουργόν.
Η ΔΙΑΤΑΞΙΣ ΤΟΥ κ. ΛΙΑΚΟΠΟΥΛΟΥ
Α΄. Φρονοῦμεν ὅτι ὁ κ. πρωθυπουργὸς τοῦ Ὑπουργείου τῶν Ἐσωτερικῶν θὰ ἐπιληφθῇ τοῦ ζητήματος καὶ θὰ ἀποστείλῃ ἀπόσπασμα. Β΄. Ὅτι αἱ ἀρχαὶ ὀφείλουσι νὰ προστατεύσωσι τοὺς πρόσφυγας οἵτινες ἐγκατεστάθησαν ἐν Θεσσαλίᾳ.
ΤΟ ΖΗΤΗΜΑ ΤΗΣ ΕΓΚΑΤΑΣΤΑΣΕΩΣ
Β΄. Ὅσον ἀφορᾶ τὰ γραφεῖα τοῦ κ. Χασιώτου ἀπαντῶμεν τὰ ἑξῆς: Οἱ πρόσφυγες ἐκ τῆς Ἀνατολικῆς Ῥωμυλίας, Βουλγαρίας καὶ Ῥουμανίας πρέπει νὰ ἐγκατασταθῶσιν εἰς τὴν Θεσσαλίαν, ὅπου ὑπάρχουσι γαῖαι ἀκαλλιέργητοι. Ἡ ἐγκατάστασις αὕτη θὰ ὠφελήσῃ καὶ τὴν χώραν καὶ τοὺς πρόσφυγας.
ΣΤΕΡΗΣΙΣ ΤΟΥ ΕΠΙΔΟΜΑΤΟΣ
Γ΄.) Διὰ τῆς στερήσεως τοῦ ἐπιδόματος οἱ πρόσφυγες εὑρίσκονται εἰς ἀθλίαν κατάστασιν. Ζητοῦν λοιπὸν ὅπως ἡ Κυβέρνησις ἀποκαταστήσῃ τὸ ἐπίδομα μέχρι τῆς ὁριστικῆς αὐτῶν ἐγκαταστάσεως.
